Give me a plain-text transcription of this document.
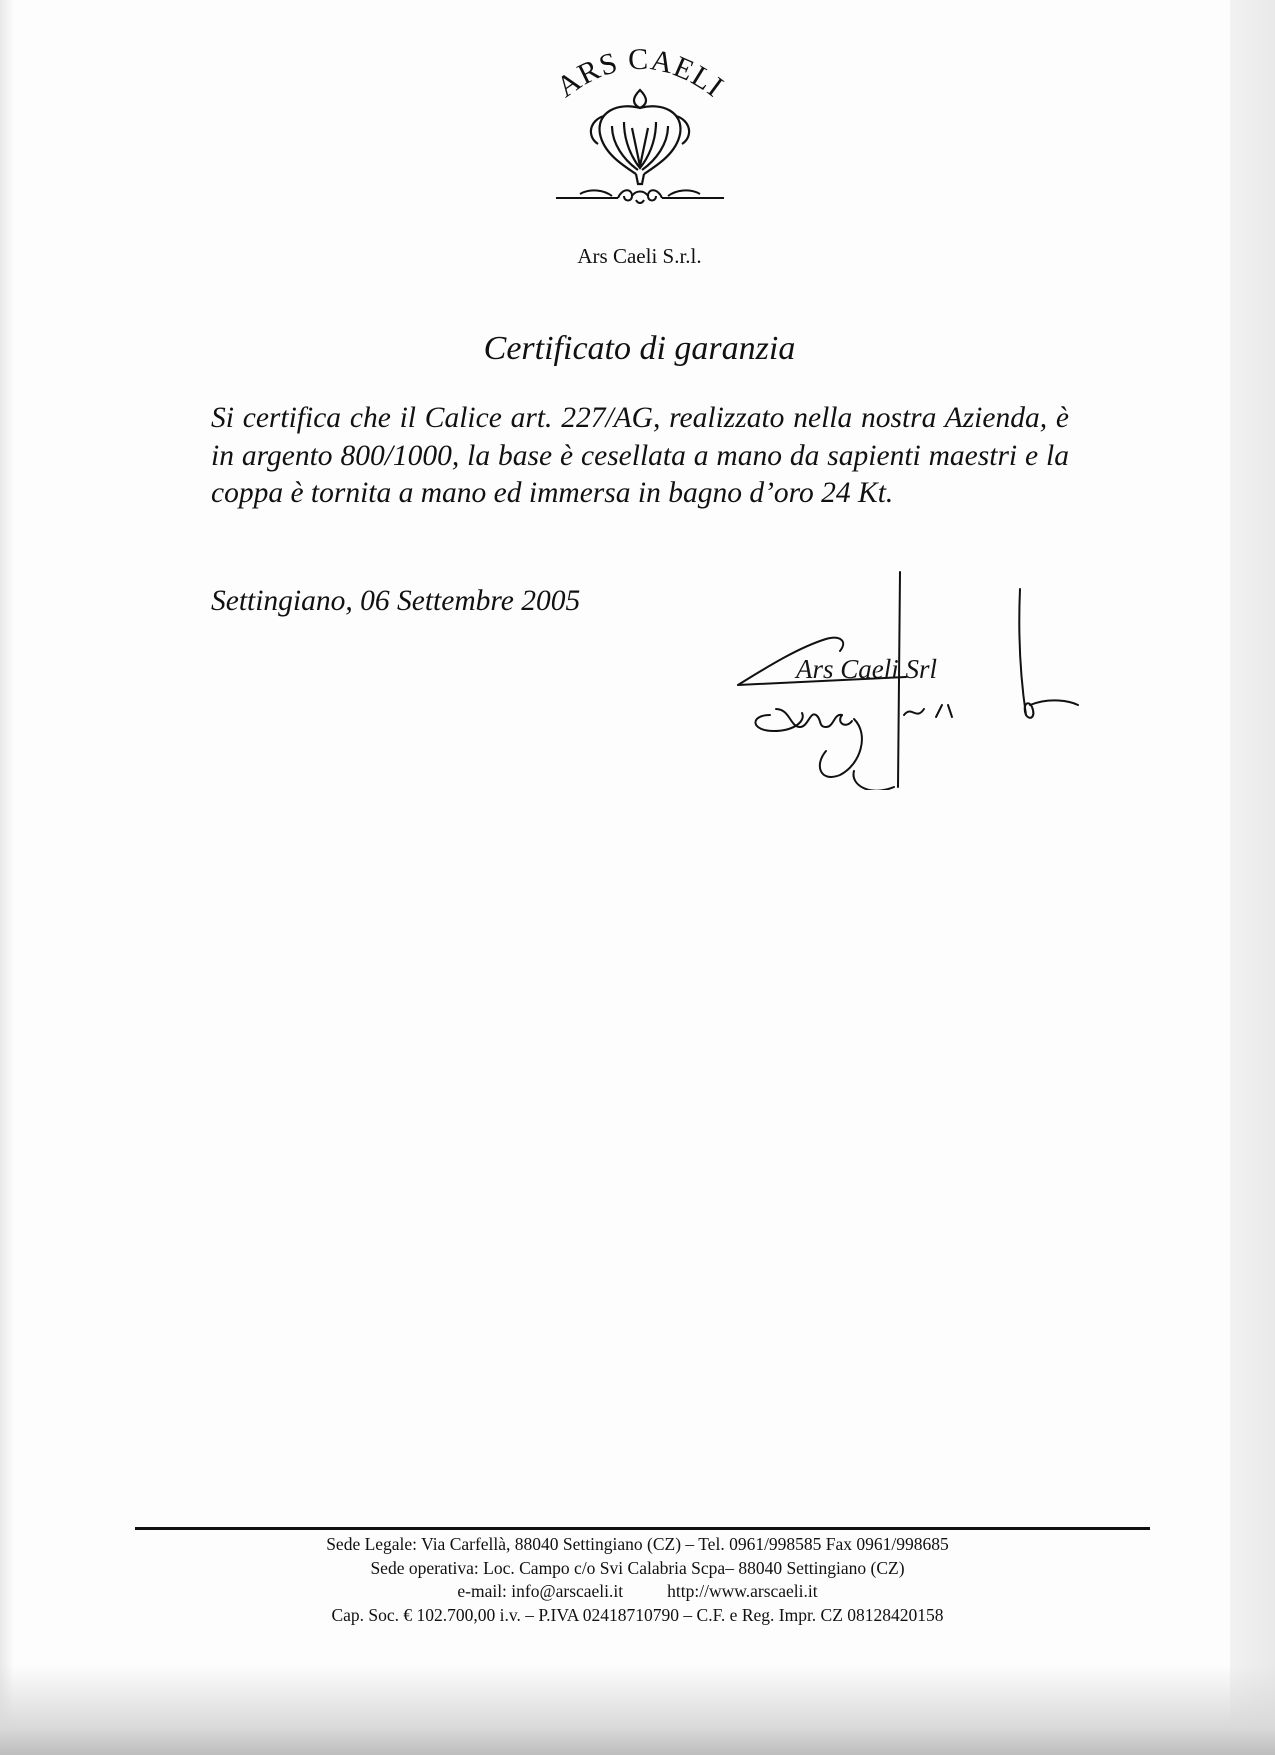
ARS CAELI
Ars Caeli S.r.l.
Certificato di garanzia
Si certifica che il Calice art. 227/AG, realizzato nella nostra Azienda, è in argento 800/1000, la base è cesellata a mano da sapienti maestri e la coppa è tornita a mano ed immersa in bagno d’oro 24 Kt.
Settingiano, 06 Settembre 2005
Ars Caeli Srl
Sede Legale: Via Carfellà, 88040 Settingiano (CZ) – Tel. 0961/998585 Fax 0961/998685
Sede operativa: Loc. Campo c/o Svi Calabria Scpa– 88040 Settingiano (CZ)
e-mail: info@arscaeli.it	http://www.arscaeli.it
Cap. Soc. € 102.700,00 i.v. – P.IVA 02418710790 – C.F. e Reg. Impr. CZ 08128420158
